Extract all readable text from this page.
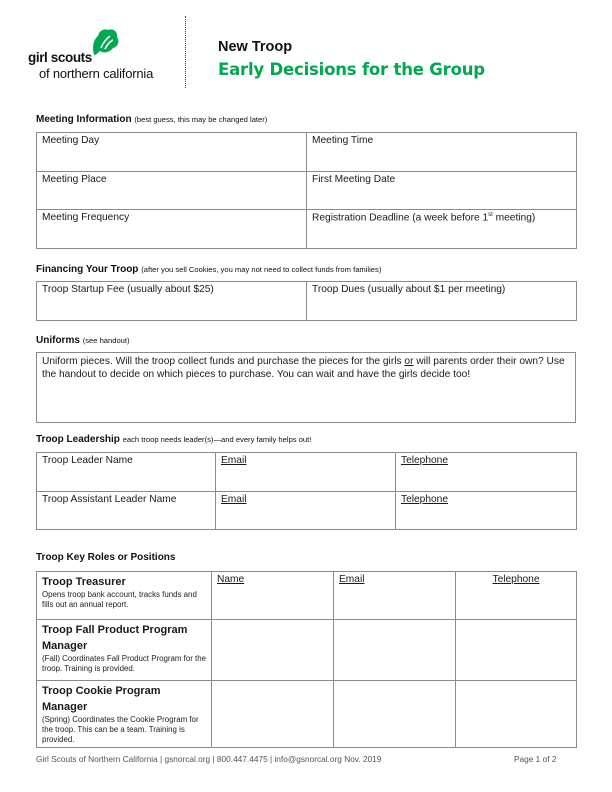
girl scouts
of northern california
New Troop
Early Decisions for the Group
Meeting Information (best guess, this may be changed later)
Meeting Day	Meeting Time
Meeting Place	First Meeting Date
Meeting Frequency	Registration Deadline (a week before 1st meeting)
Financing Your Troop (after you sell Cookies, you may not need to collect funds from families)
Troop Startup Fee (usually about $25)	Troop Dues (usually about $1 per meeting)
Uniforms (see handout)
Uniform pieces. Will the troop collect funds and purchase the pieces for the girls or will parents order their own? Use the handout to decide on which pieces to purchase. You can wait and have the girls decide too!
Troop Leadership each troop needs leader(s)—and every family helps out!
Troop Leader Name	Email	Telephone
Troop Assistant Leader Name	Email	Telephone
Troop Key Roles or Positions
Troop Treasurer
Opens troop bank account, tracks funds and fills out an annual report.	Name	Email	Telephone

Troop Fall Product Program Manager
(Fall) Coordinates Fall Product Program for the troop. Training is provided.			

Troop Cookie Program Manager
(Spring) Coordinates the Cookie Program for the troop. This can be a team. Training is provided.			

Girl Scouts of Northern California | gsnorcal.org | 800.447.4475 | info@gsnorcal.org Nov. 2019	Page 1 of 2
